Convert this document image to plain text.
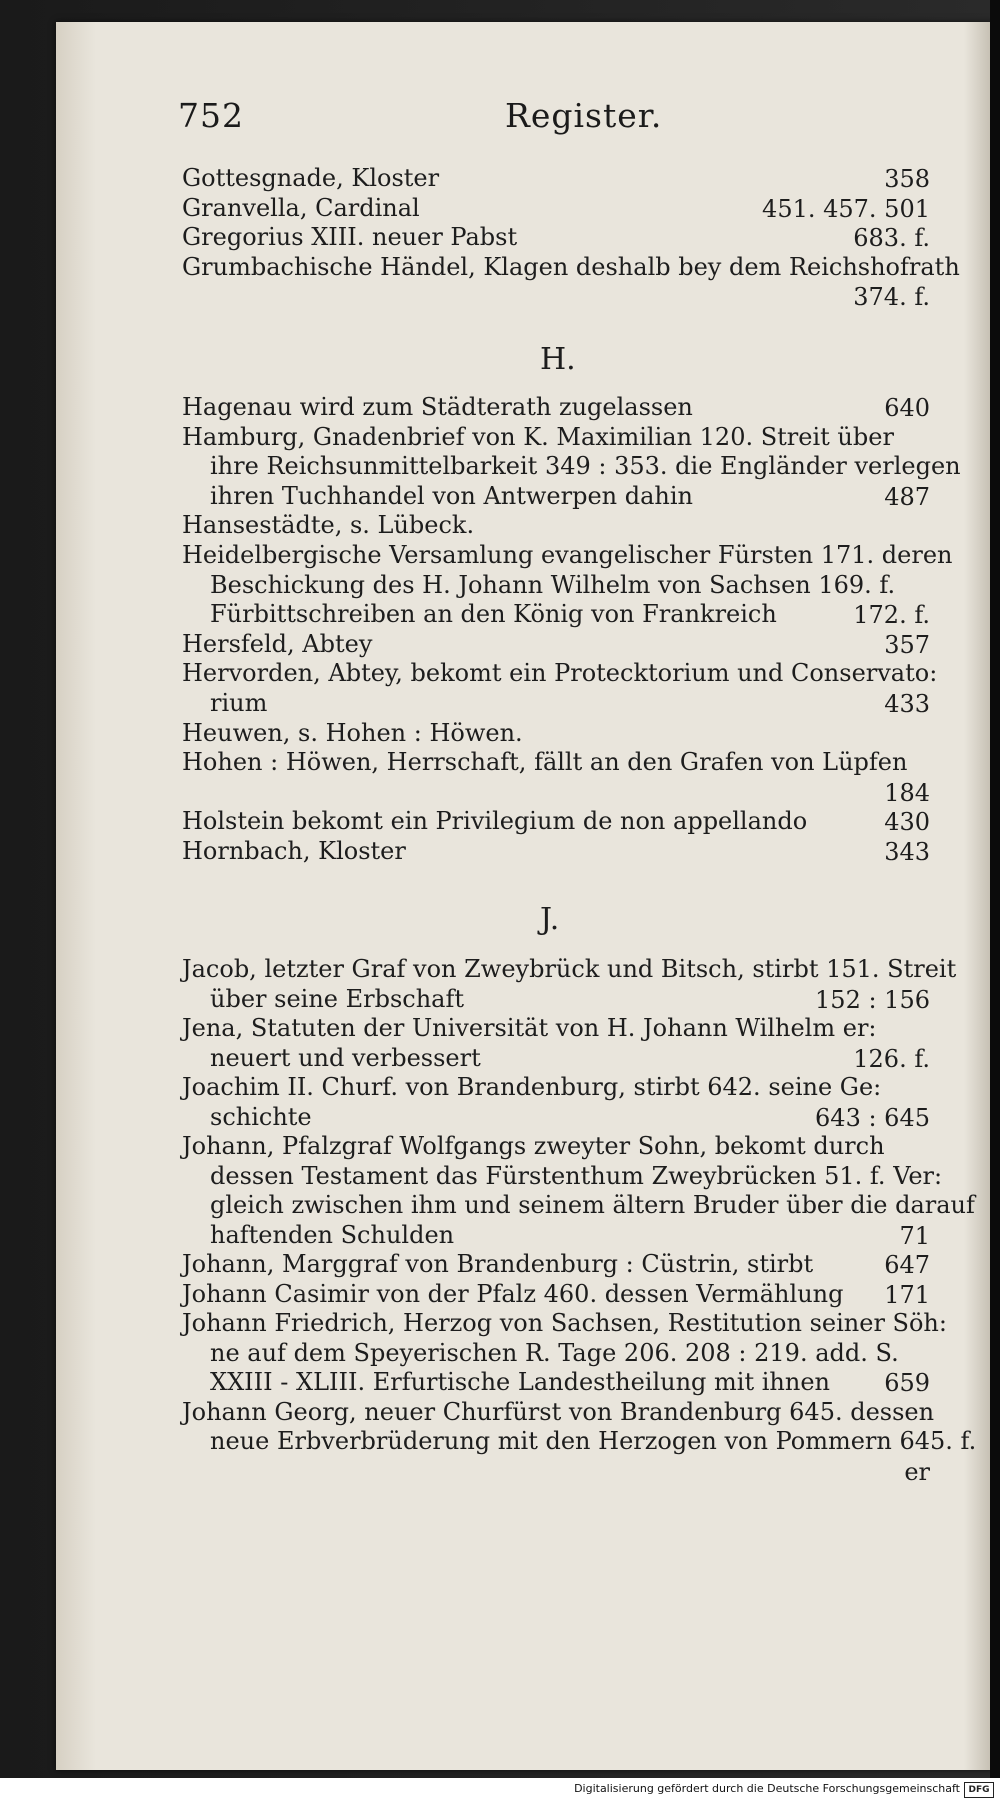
752	Register.
Gottesgnade, Kloster	358
Granvella, Cardinal	451. 457. 501
Gregorius XIII. neuer Pabst	683. f.
Grumbachische Händel, Klagen deshalb bey dem Reichshofrath
374. f.
H.
Hagenau wird zum Städterath zugelassen	640
Hamburg, Gnadenbrief von K. Maximilian 120. Streit über
ihre Reichsunmittelbarkeit 349 : 353. die Engländer verlegen
ihren Tuchhandel von Antwerpen dahin	487
Hansestädte, s. Lübeck.
Heidelbergische Versamlung evangelischer Fürsten 171. deren
Beschickung des H. Johann Wilhelm von Sachsen 169. f.
Fürbittschreiben an den König von Frankreich	172. f.
Hersfeld, Abtey	357
Hervorden, Abtey, bekomt ein Protecktorium und Conservato:
rium	433
Heuwen, s. Hohen : Höwen.
Hohen : Höwen, Herrschaft, fällt an den Grafen von Lüpfen
184
Holstein bekomt ein Privilegium de non appellando	430
Hornbach, Kloster	343
J.
Jacob, letzter Graf von Zweybrück und Bitsch, stirbt 151. Streit
über seine Erbschaft	152 : 156
Jena, Statuten der Universität von H. Johann Wilhelm er:
neuert und verbessert	126. f.
Joachim II. Churf. von Brandenburg, stirbt 642. seine Ge:
schichte	643 : 645
Johann, Pfalzgraf Wolfgangs zweyter Sohn, bekomt durch
dessen Testament das Fürstenthum Zweybrücken 51. f. Ver:
gleich zwischen ihm und seinem ältern Bruder über die darauf
haftenden Schulden	71
Johann, Marggraf von Brandenburg : Cüstrin, stirbt	647
Johann Casimir von der Pfalz 460. dessen Vermählung 171
Johann Friedrich, Herzog von Sachsen, Restitution seiner Söh:
ne auf dem Speyerischen R. Tage 206. 208 : 219. add. S.
XXIII - XLIII. Erfurtische Landestheilung mit ihnen 659
Johann Georg, neuer Churfürst von Brandenburg 645. dessen
neue Erbverbrüderung mit den Herzogen von Pommern 645. f.
er
Digitalisierung gefördert durch die Deutsche Forschungsgemeinschaft DFG
